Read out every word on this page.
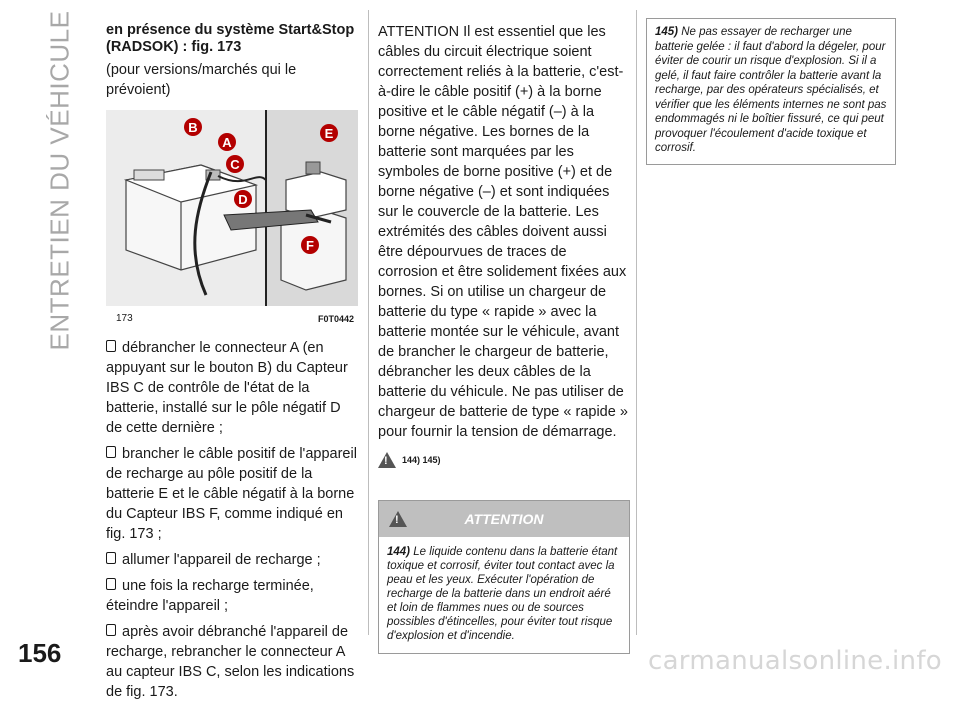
ENTRETIEN DU VÉHICULE en présence du système Start&Stop (RADSOK) : fig. 173

(pour versions/marchés qui le prévoient)

B
A
C
D
E
F
173	F0T0442
débrancher le connecteur A (en appuyant sur le bouton B) du Capteur IBS C de contrôle de l'état de la batterie, installé sur le pôle négatif D de cette dernière ;
brancher le câble positif de l'appareil de recharge au pôle positif de la batterie E et le câble négatif à la borne du Capteur IBS F, comme indiqué en fig. 173 ;
allumer l'appareil de recharge ;
une fois la recharge terminée, éteindre l'appareil ;
après avoir débranché l'appareil de recharge, rebrancher le connecteur A au capteur IBS C, selon les indications de fig. 173.

ATTENTION Il est essentiel que les câbles du circuit électrique soient correctement reliés à la batterie, c'est-à-dire le câble positif (+) à la borne positive et le câble négatif (–) à la borne négative. Les bornes de la batterie sont marquées par les symboles de borne positive (+) et de borne négative (–) et sont indiquées sur le couvercle de la batterie. Les extrémités des câbles doivent aussi être dépourvues de traces de corrosion et être solidement fixées aux bornes. Si on utilise un chargeur de batterie du type « rapide » avec la batterie montée sur le véhicule, avant de brancher le chargeur de batterie, débrancher les deux câbles de la batterie du véhicule. Ne pas utiliser de chargeur de batterie de type « rapide » pour fournir la tension de démarrage.

!
144) 145)
!
ATTENTION
144) Le liquide contenu dans la batterie étant toxique et corrosif, éviter tout contact avec la peau et les yeux. Exécuter l'opération de recharge de la batterie dans un endroit aéré et loin de flammes nues ou de sources possibles d'étincelles, pour éviter tout risque d'explosion et d'incendie.
145) Ne pas essayer de recharger une batterie gelée : il faut d'abord la dégeler, pour éviter de courir un risque d'explosion. Si il a gelé, il faut faire contrôler la batterie avant la recharge, par des opérateurs spécialisés, et vérifier que les éléments internes ne sont pas endommagés ni le boîtier fissuré, ce qui peut provoquer l'écoulement d'acide toxique et corrosif.
156	carmanualsonline.info
